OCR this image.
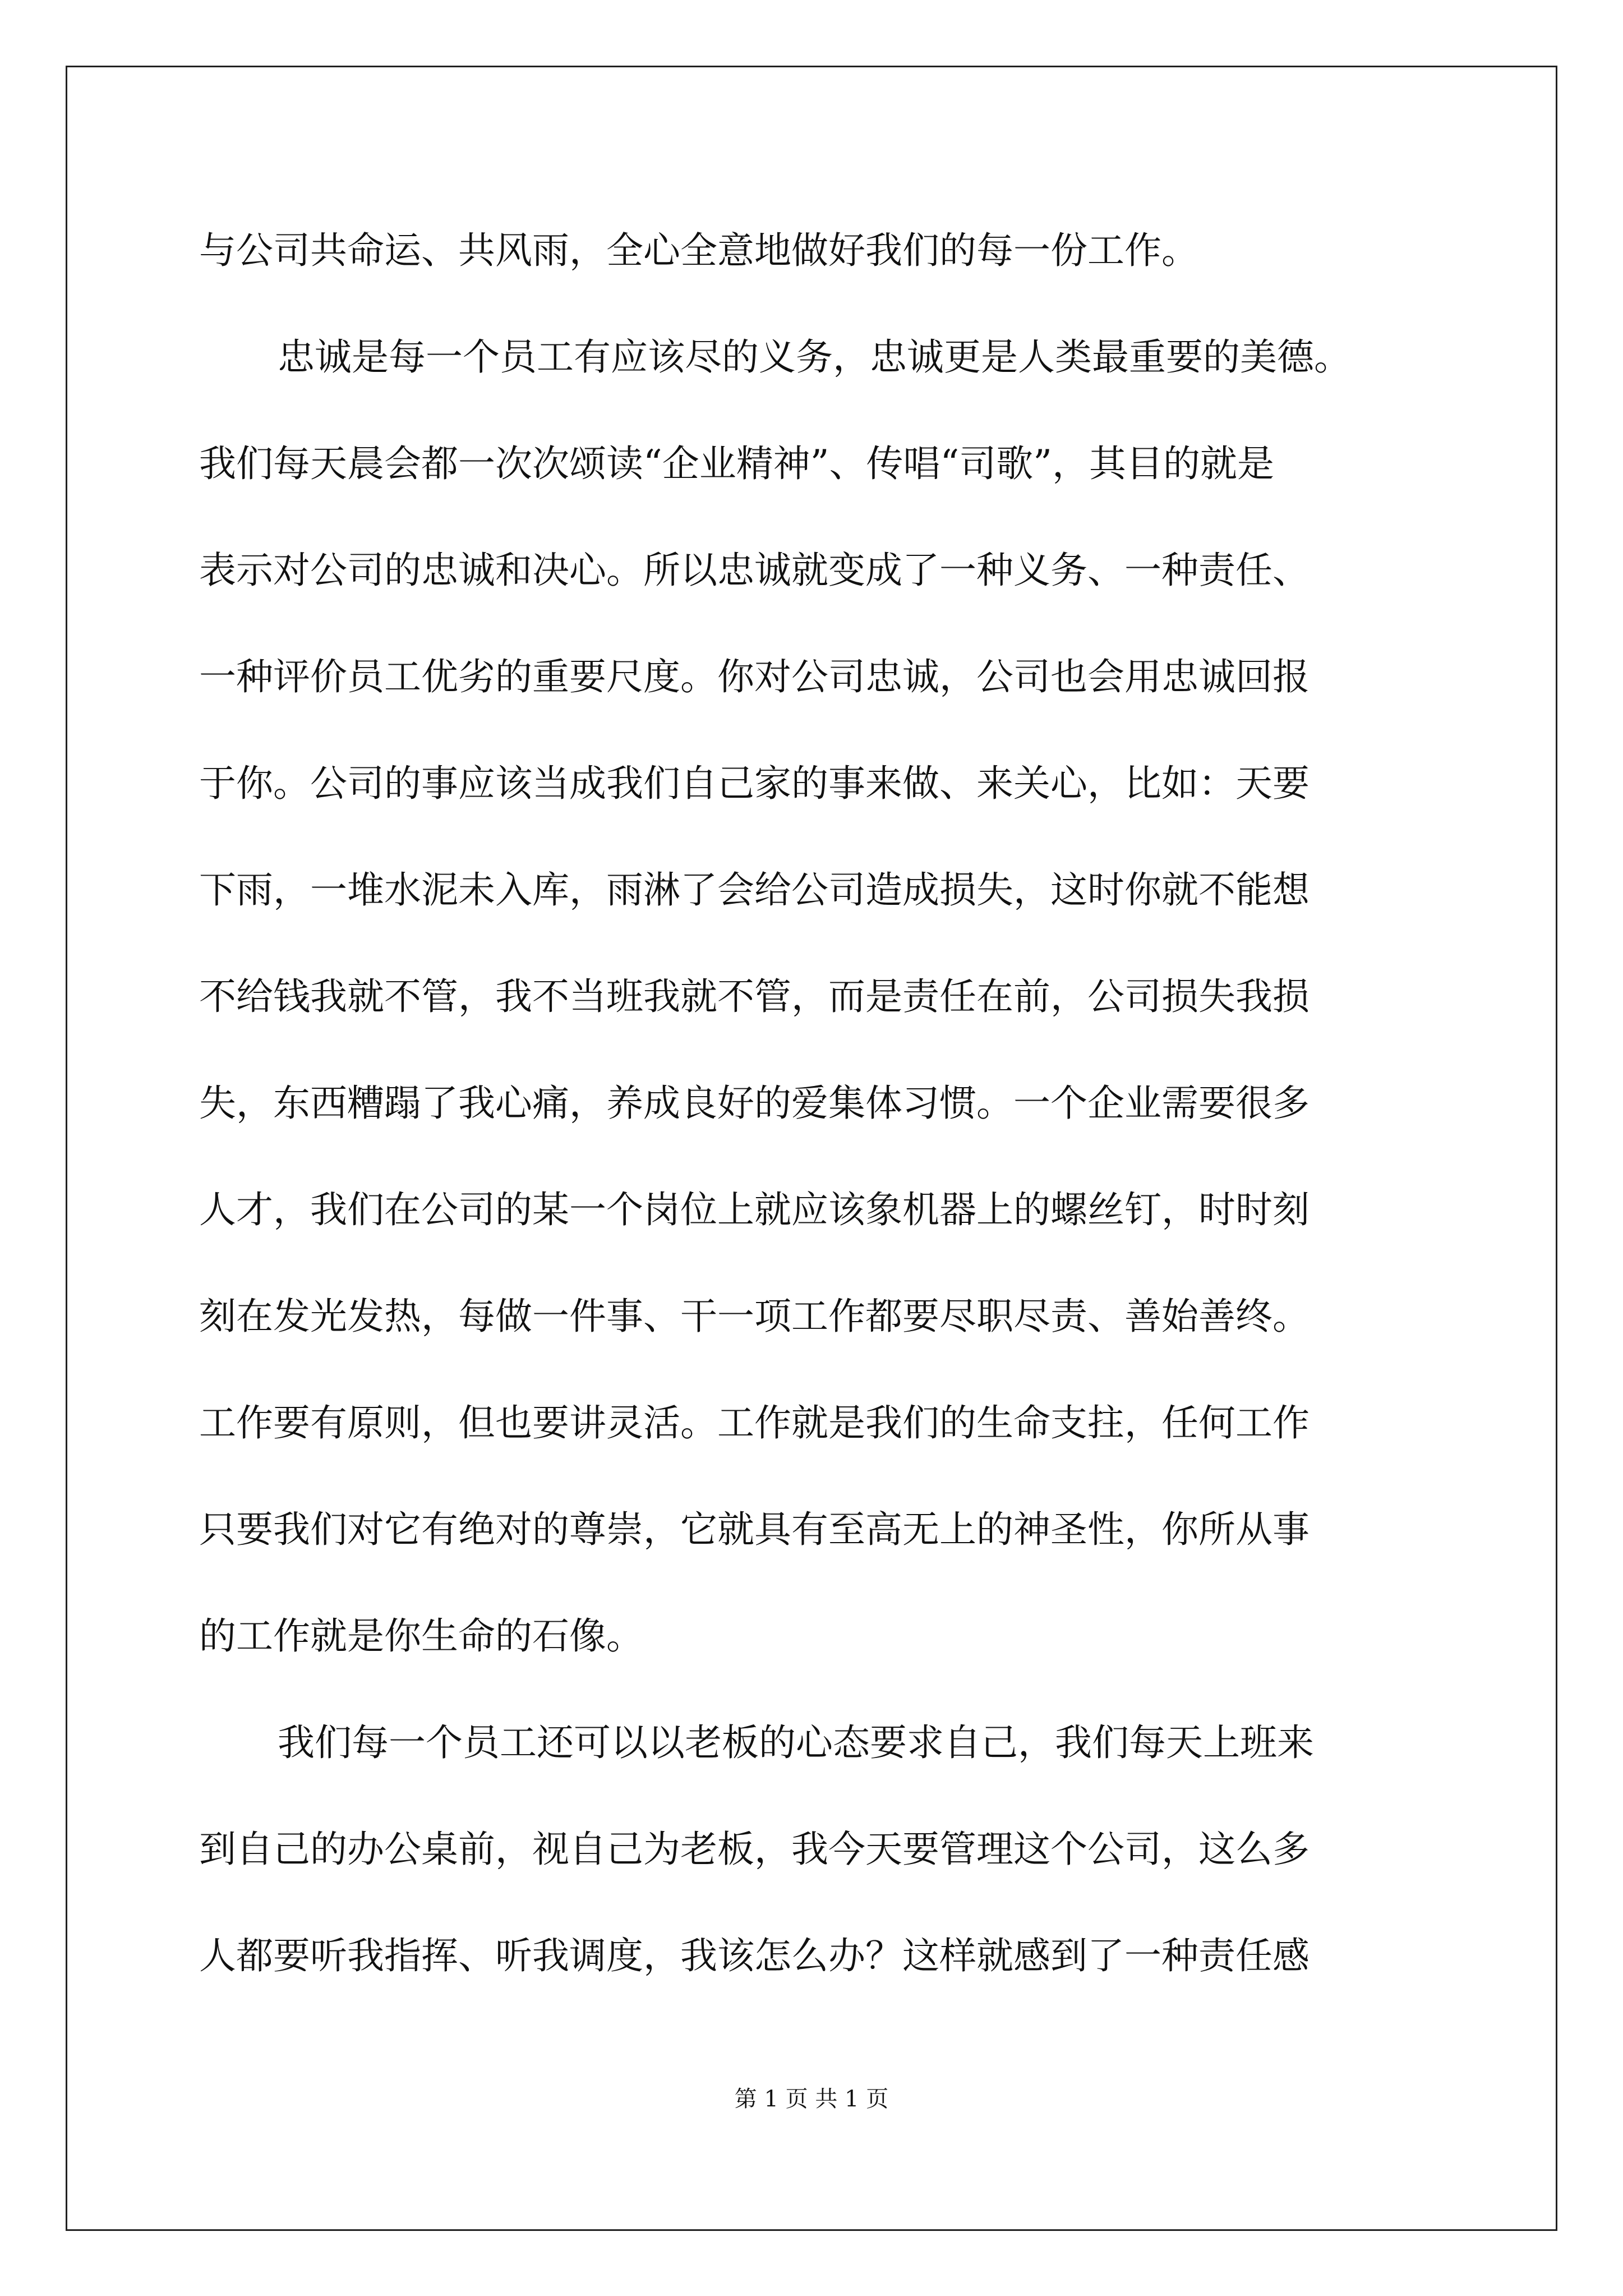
与公司共命运、共风雨，全心全意地做好我们的每一份工作。
忠诚是每一个员工有应该尽的义务，忠诚更是人类最重要的美德。
我们每天晨会都一次次颂读“企业精神”、传唱“司歌”，其目的就是
表示对公司的忠诚和决心。所以忠诚就变成了一种义务、一种责任、
一种评价员工优劣的重要尺度。你对公司忠诚，公司也会用忠诚回报
于你。公司的事应该当成我们自己家的事来做、来关心，比如：天要
下雨，一堆水泥未入库，雨淋了会给公司造成损失，这时你就不能想
不给钱我就不管，我不当班我就不管，而是责任在前，公司损失我损
失，东西糟蹋了我心痛，养成良好的爱集体习惯。一个企业需要很多
人才，我们在公司的某一个岗位上就应该象机器上的螺丝钉，时时刻
刻在发光发热，每做一件事、干一项工作都要尽职尽责、善始善终。
工作要有原则，但也要讲灵活。工作就是我们的生命支拄，任何工作
只要我们对它有绝对的尊崇，它就具有至高无上的神圣性，你所从事
的工作就是你生命的石像。
我们每一个员工还可以以老板的心态要求自己，我们每天上班来
到自己的办公桌前，视自己为老板，我今天要管理这个公司，这么多
人都要听我指挥、听我调度，我该怎么办？这样就感到了一种责任感
第 1 页 共 1 页
